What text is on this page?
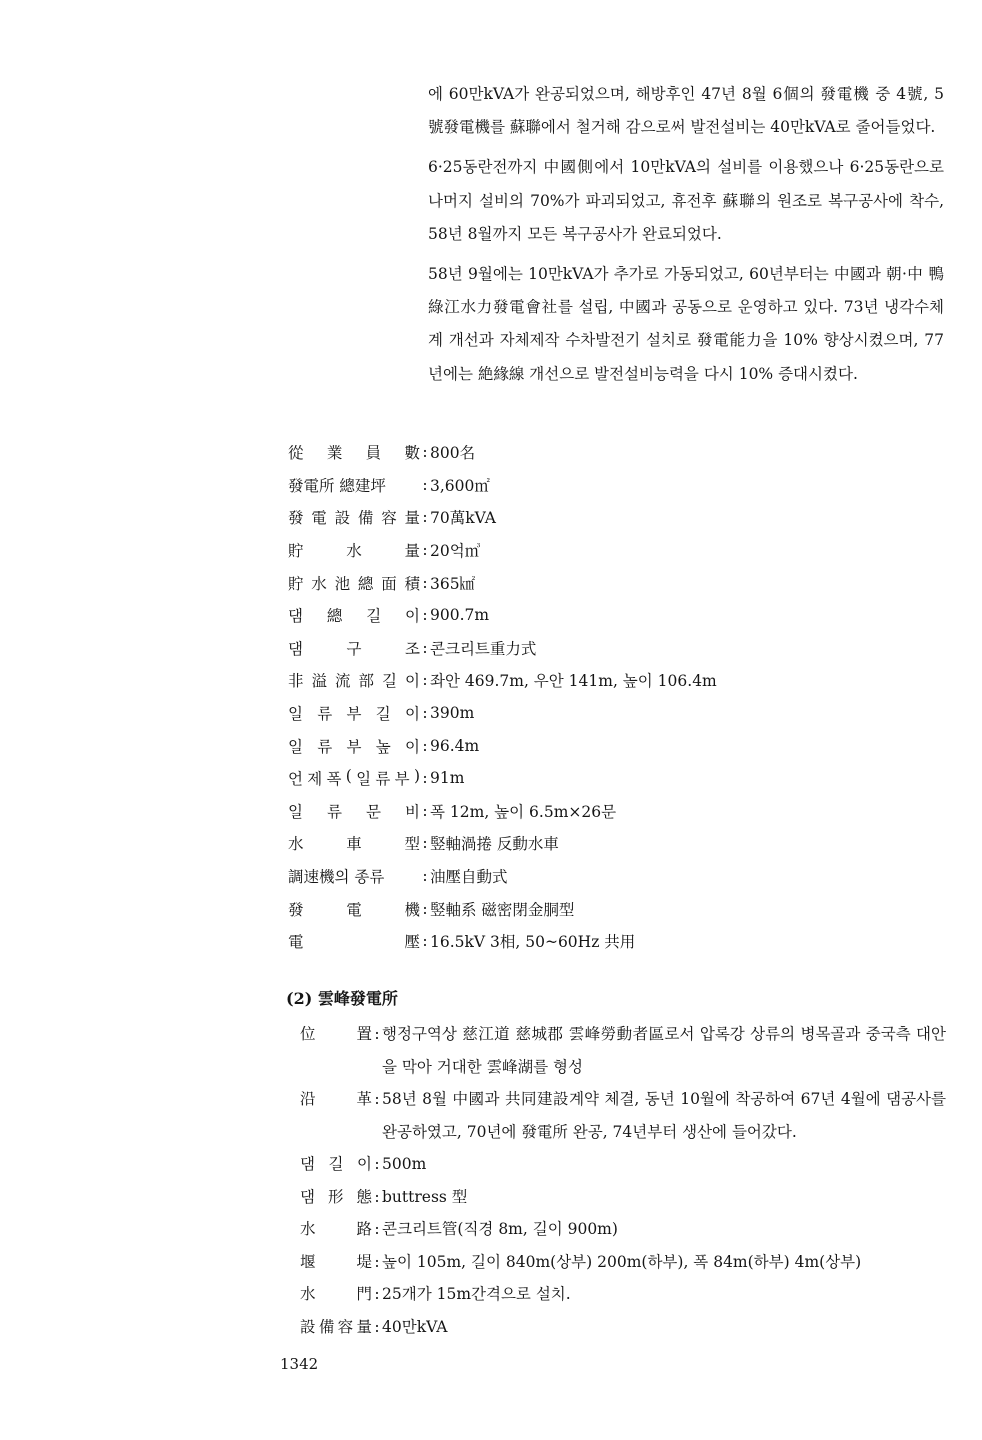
에 60만kVA가 완공되었으며, 해방후인 47년 8월 6個의 發電機 중 4號, 5號發電機를 蘇聯에서 철거해 감으로써 발전설비는 40만kVA로 줄어들었다.

6·25동란전까지 中國側에서 10만kVA의 설비를 이용했으나 6·25동란으로 나머지 설비의 70%가 파괴되었고, 휴전후 蘇聯의 원조로 복구공사에 착수, 58년 8월까지 모든 복구공사가 완료되었다.

58년 9월에는 10만kVA가 추가로 가동되었고, 60년부터는 中國과 朝·中 鴨綠江水力發電會社를 설립, 中國과 공동으로 운영하고 있다. 73년 냉각수체계 개선과 자체제작 수차발전기 설치로 發電能力을 10% 향상시켰으며, 77년에는 絶緣線 개선으로 발전설비능력을 다시 10% 증대시켰다.

從 業 員 數 : 800名
發電所 總建坪	: 3,600㎡
發 電 設 備 容 量 : 70萬kVA
貯	水	量 : 20억㎥
貯 水 池 總 面 積 : 365㎢
댐 總 길 이 : 900.7m
댐	구	조 : 콘크리트重力式
非 溢 流 部 길 이 : 좌안 469.7m, 우안 141m, 높이 106.4m
일 류 부 길 이 : 390m
일 류 부 높 이 : 96.4m
언 제 폭 ( 일 류 부 ) : 91m
일 류 문 비 : 폭 12m, 높이 6.5m×26문
水	車	型 : 竪軸渦捲 反動水車
調速機의 종류	: 油壓自動式
發	電	機 : 竪軸系 磁密閉金胴型
電	壓 : 16.5kV 3相, 50~60Hz 共用
(2) 雲峰發電所
位	置 : 행정구역상 慈江道 慈城郡 雲峰勞動者區로서 압록강 상류의 병목골과 중국측 대안을 막아 거대한 雲峰湖를 형성
沿	革 : 58년 8월 中國과 共同建設계약 체결, 동년 10월에 착공하여 67년 4월에 댐공사를 완공하였고, 70년에 發電所 완공, 74년부터 생산에 들어갔다.
댐 길 이 : 500m
댐 形 態 : buttress 型
水	路 : 콘크리트管(직경 8m, 길이 900m)
堰	堤 : 높이 105m, 길이 840m(상부) 200m(하부), 폭 84m(하부) 4m(상부)
水	門 : 25개가 15m간격으로 설치.
設 備 容 量 : 40만kVA
1342
